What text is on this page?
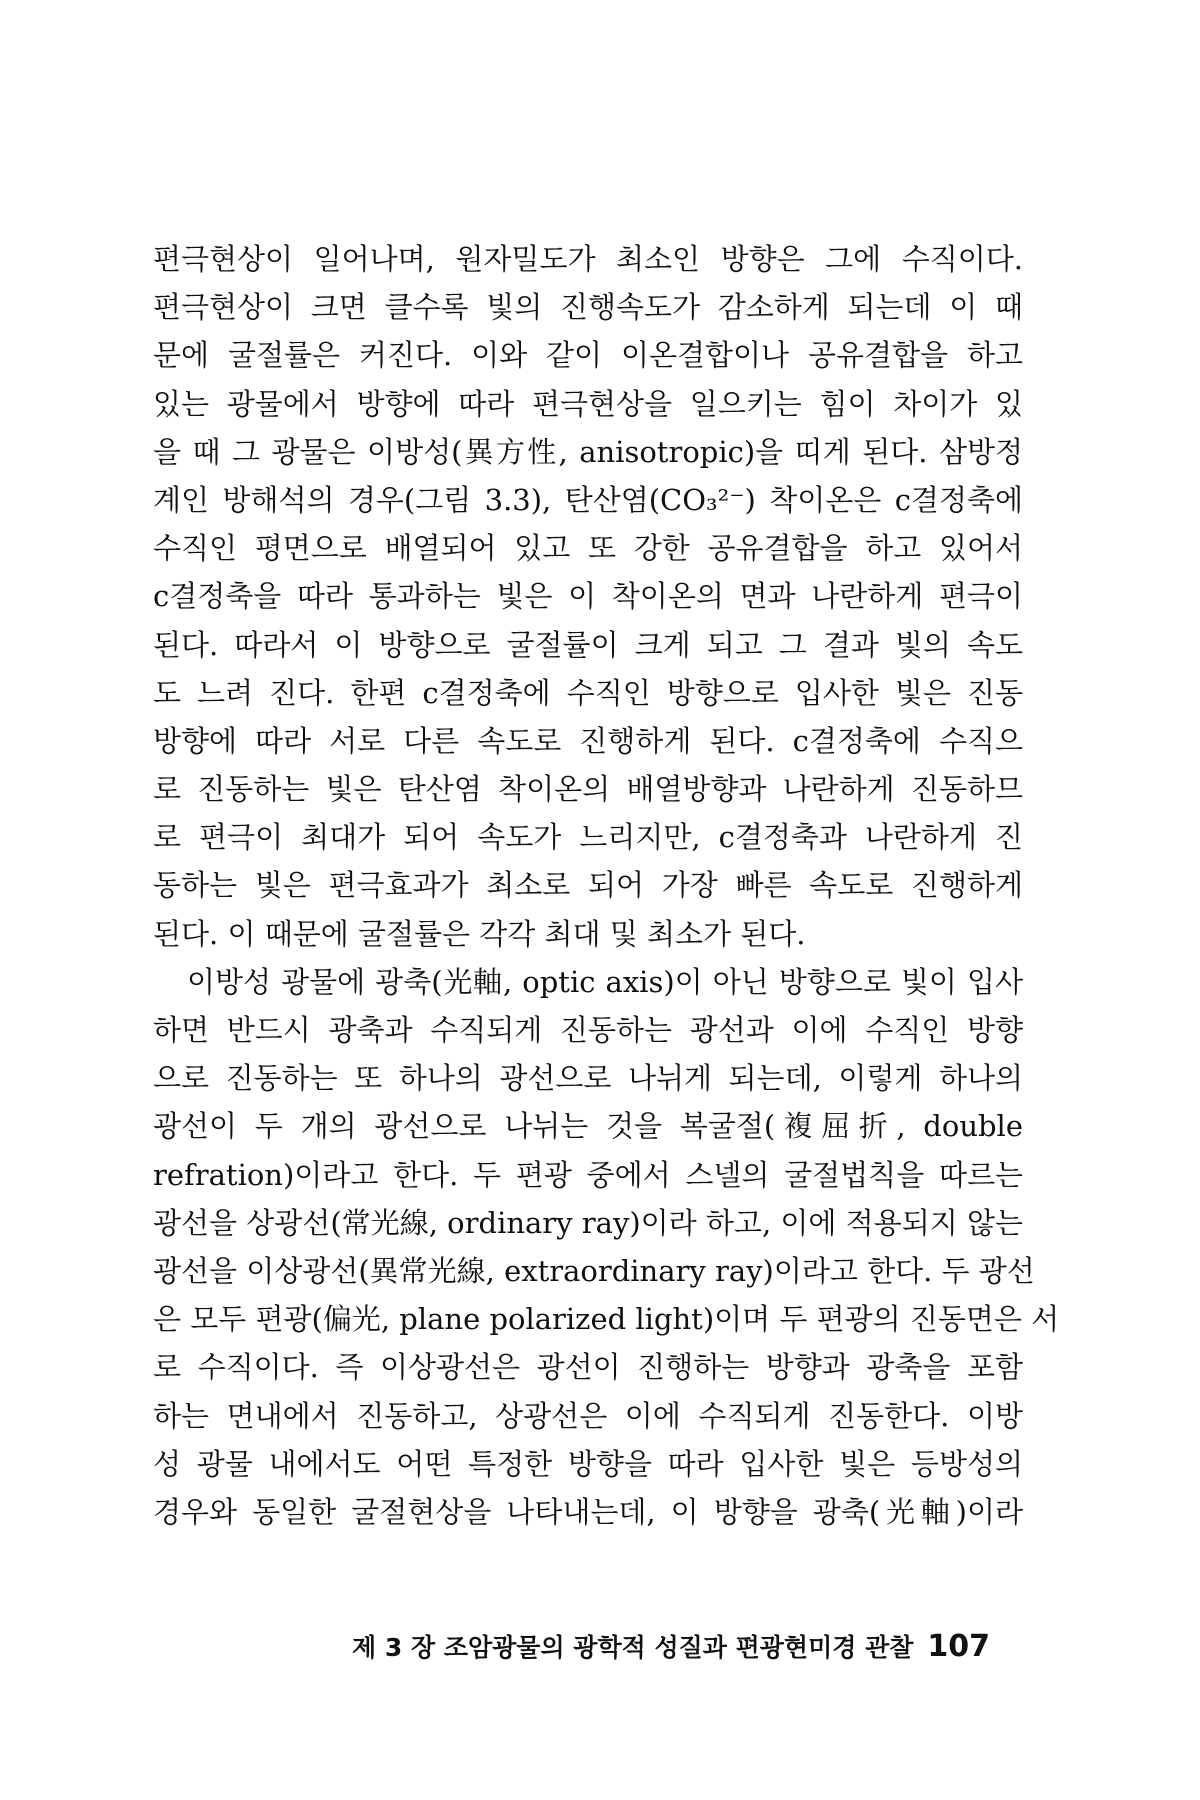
편극현상이 일어나며, 원자밀도가 최소인 방향은 그에 수직이다.
편극현상이 크면 클수록 빛의 진행속도가 감소하게 되는데 이 때
문에 굴절률은 커진다. 이와 같이 이온결합이나 공유결합을 하고
있는 광물에서 방향에 따라 편극현상을 일으키는 힘이 차이가 있
을 때 그 광물은 이방성(異方性, anisotropic)을 띠게 된다. 삼방정
계인 방해석의 경우(그림 3.3), 탄산염(CO₃²⁻) 착이온은 c결정축에
수직인 평면으로 배열되어 있고 또 강한 공유결합을 하고 있어서
c결정축을 따라 통과하는 빛은 이 착이온의 면과 나란하게 편극이
된다. 따라서 이 방향으로 굴절률이 크게 되고 그 결과 빛의 속도
도 느려 진다. 한편 c결정축에 수직인 방향으로 입사한 빛은 진동
방향에 따라 서로 다른 속도로 진행하게 된다. c결정축에 수직으
로 진동하는 빛은 탄산염 착이온의 배열방향과 나란하게 진동하므
로 편극이 최대가 되어 속도가 느리지만, c결정축과 나란하게 진
동하는 빛은 편극효과가 최소로 되어 가장 빠른 속도로 진행하게
된다. 이 때문에 굴절률은 각각 최대 및 최소가 된다.
이방성 광물에 광축(光軸, optic axis)이 아닌 방향으로 빛이 입사
하면 반드시 광축과 수직되게 진동하는 광선과 이에 수직인 방향
으로 진동하는 또 하나의 광선으로 나뉘게 되는데, 이렇게 하나의
광선이 두 개의 광선으로 나뉘는 것을 복굴절(複屈折, double
refration)이라고 한다. 두 편광 중에서 스넬의 굴절법칙을 따르는
광선을 상광선(常光線, ordinary ray)이라 하고, 이에 적용되지 않는
광선을 이상광선(異常光線, extraordinary ray)이라고 한다. 두 광선
은 모두 편광(偏光, plane polarized light)이며 두 편광의 진동면은 서
로 수직이다. 즉 이상광선은 광선이 진행하는 방향과 광축을 포함
하는 면내에서 진동하고, 상광선은 이에 수직되게 진동한다. 이방
성 광물 내에서도 어떤 특정한 방향을 따라 입사한 빛은 등방성의
경우와 동일한 굴절현상을 나타내는데, 이 방향을 광축(光軸)이라
제 3 장 조암광물의 광학적 성질과 편광현미경 관찰 107
